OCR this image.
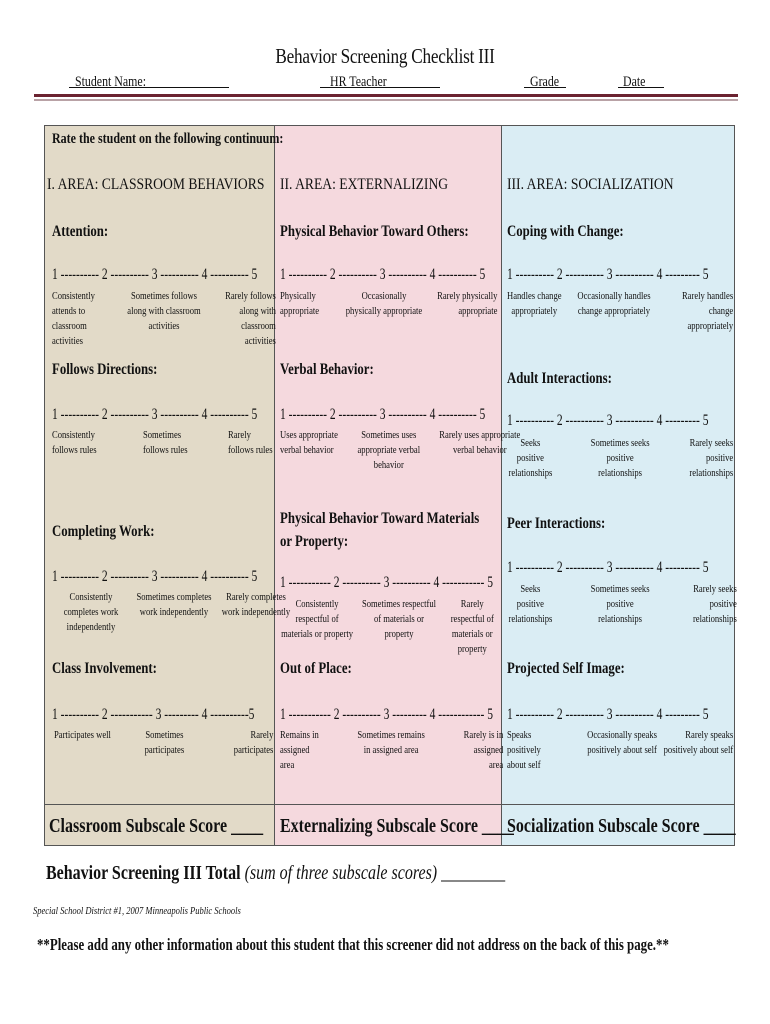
Behavior Screening Checklist III
Student Name:	HR Teacher	Grade	Date
Rate the student on the following continuum:
I. AREA: CLASSROOM BEHAVIORS
Attention:
1 ---------- 2 ---------- 3 ---------- 4 ---------- 5
Consistently attends to classroom activities
Sometimes follows along with classroom activities
Rarely follows along with classroom activities
Follows Directions:
1 ---------- 2 ---------- 3 ---------- 4 ---------- 5
Consistently follows rules
Sometimes follows rules
Rarely follows rules
Completing Work:
1 ---------- 2 ---------- 3 ---------- 4 ---------- 5
Consistently completes work independently
Sometimes completes work independently
Rarely completes work independently
Class Involvement:
1 ---------- 2 ----------- 3 --------- 4 ----------5
Participates well	Sometimes participates
Rarely participates
Classroom Subscale Score ____
II. AREA: EXTERNALIZING
Physical Behavior Toward Others:
1 ---------- 2 ---------- 3 ---------- 4 ---------- 5
Physically appropriate
Occasionally physically appropriate
Rarely physically appropriate
Verbal Behavior:
1 ---------- 2 ---------- 3 ---------- 4 ---------- 5
Uses appropriate verbal behavior
Sometimes uses appropriate verbal behavior
Rarely uses appropriate verbal behavior
Physical Behavior Toward Materials or Property:
1 ----------- 2 ---------- 3 ---------- 4 ----------- 5
Consistently respectful of materials or property
Sometimes respectful of materials or property
Rarely respectful of materials or property
Out of Place:
1 ----------- 2 ---------- 3 --------- 4 ------------ 5
Remains in assigned area
Sometimes remains in assigned area
Rarely is in assigned area
Externalizing Subscale Score ____
III. AREA: SOCIALIZATION
Coping with Change:
1 ---------- 2 ---------- 3 ---------- 4 --------- 5
Handles change appropriately
Occasionally handles change appropriately
Rarely handles change appropriately
Adult Interactions:
1 ---------- 2 ---------- 3 ---------- 4 --------- 5
Seeks positive relationships
Sometimes seeks positive relationships
Rarely seeks positive relationships
Peer Interactions:
1 ---------- 2 ---------- 3 ---------- 4 --------- 5
Seeks positive relationships
Sometimes seeks positive relationships
Rarely seeks positive relationships
Projected Self Image:
1 ---------- 2 ---------- 3 ---------- 4 --------- 5
Speaks positively about self
Occasionally speaks positively about self
Rarely speaks positively about self
Socialization Subscale Score ____
Behavior Screening III Total (sum of three subscale scores) ________
Special School District #1, 2007 Minneapolis Public Schools
**Please add any other information about this student that this screener did not address on the back of this page.**
